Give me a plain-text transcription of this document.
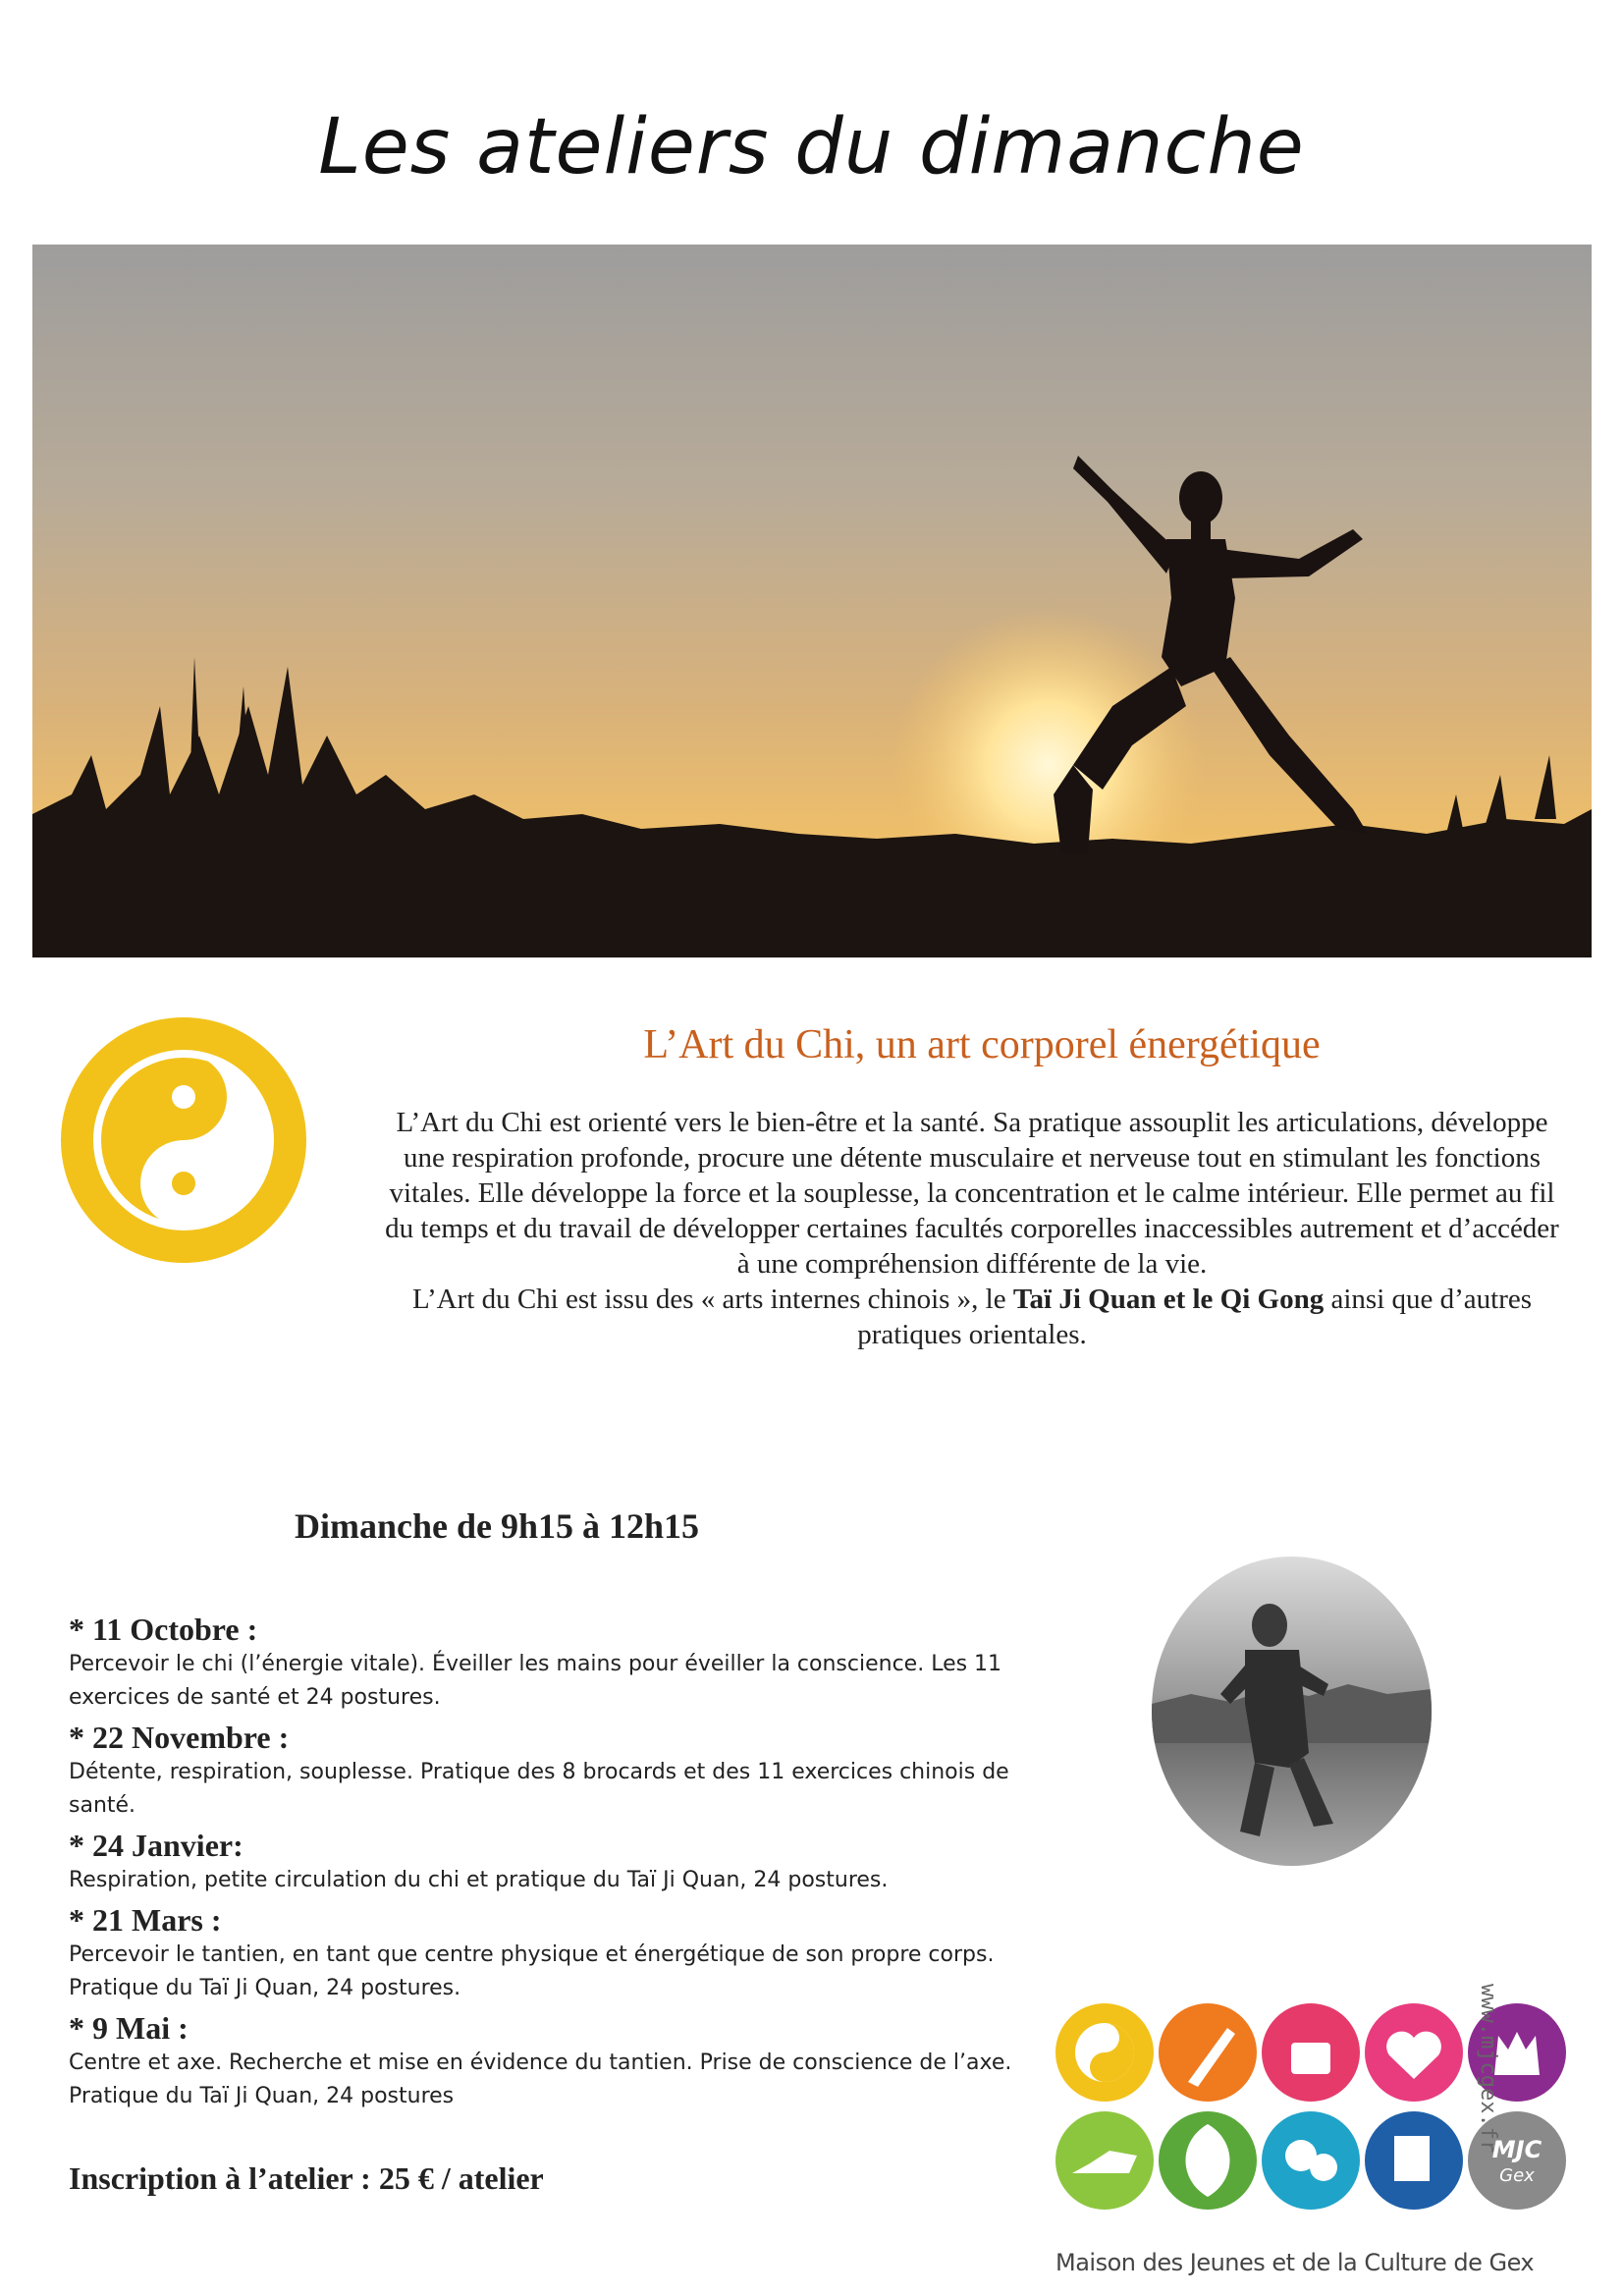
Les ateliers du dimanche
L’Art du Chi, un art corporel énergétique
L’Art du Chi est orienté vers le bien-être et la santé. Sa pratique assouplit les articulations, développe une respiration profonde, procure une détente musculaire et nerveuse tout en stimulant les fonctions vitales. Elle développe la force et la souplesse, la concentration et le calme intérieur. Elle permet au fil du temps et du travail de développer certaines facultés corporelles inaccessibles autrement et d’accéder à une compréhension différente de la vie.
L’Art du Chi est issu des « arts internes chinois », le Taï Ji Quan et le Qi Gong ainsi que d’autres pratiques orientales.
Dimanche de 9h15 à 12h15
* 11 Octobre :
Percevoir le chi (l’énergie vitale). Éveiller les mains pour éveiller la conscience. Les 11 exercices de santé et 24 postures.
* 22 Novembre :
Détente, respiration, souplesse. Pratique des 8 brocards et des 11 exercices chinois de santé.
* 24 Janvier:
Respiration, petite circulation du chi et pratique du Taï Ji Quan, 24 postures.
* 21 Mars :
Percevoir le tantien, en tant que centre physique et énergétique de son propre corps. Pratique du Taï Ji Quan, 24 postures.
* 9 Mai :
Centre et axe. Recherche et mise en évidence du tantien. Prise de conscience de l’axe. Pratique du Taï Ji Quan, 24 postures
Inscription à l’atelier : 25 € / atelier
MJC
Gex
Maison des Jeunes et de la Culture de Gex
www.mjcgex.fr
